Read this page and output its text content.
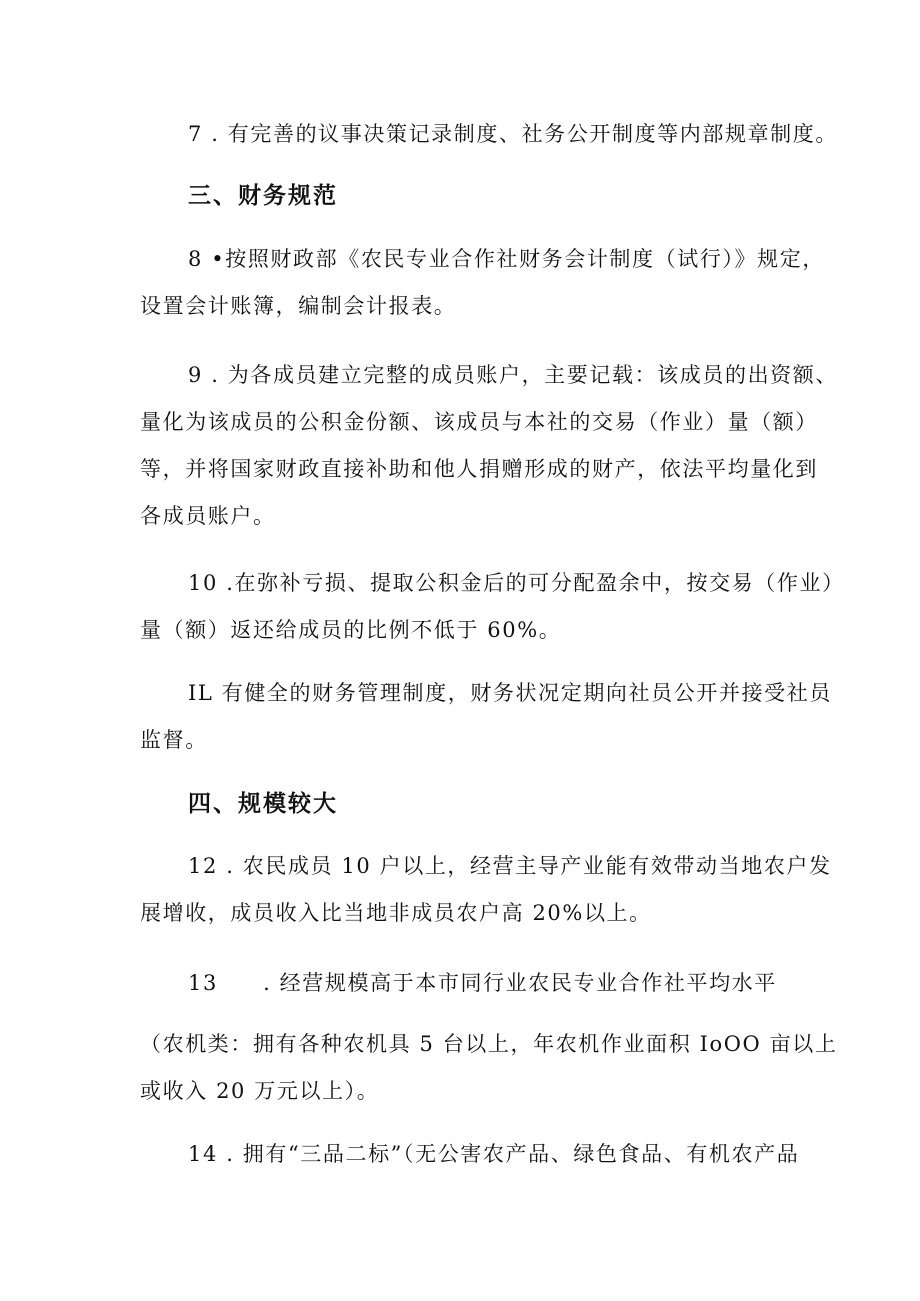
7 . 有完善的议事决策记录制度、社务公开制度等内部规章制度。
三、财务规范
8 •按照财政部《农民专业合作社财务会计制度（试行）》规定，
设置会计账簿，编制会计报表。
9 . 为各成员建立完整的成员账户，主要记载：该成员的出资额、
量化为该成员的公积金份额、该成员与本社的交易（作业）量（额）
等，并将国家财政直接补助和他人捐赠形成的财产，依法平均量化到
各成员账户。
10 .在弥补亏损、提取公积金后的可分配盈余中，按交易（作业）
量（额）返还给成员的比例不低于 60%。
IL 有健全的财务管理制度，财务状况定期向社员公开并接受社员
监督。
四、规模较大
12 . 农民成员 10 户以上，经营主导产业能有效带动当地农户发
展增收，成员收入比当地非成员农户高 20%以上。
13　　. 经营规模高于本市同行业农民专业合作社平均水平
（农机类：拥有各种农机具 5 台以上，年农机作业面积 IoOO 亩以上
或收入 20 万元以上）。
14 . 拥有“三品二标”（无公害农产品、绿色食品、有机农产品
